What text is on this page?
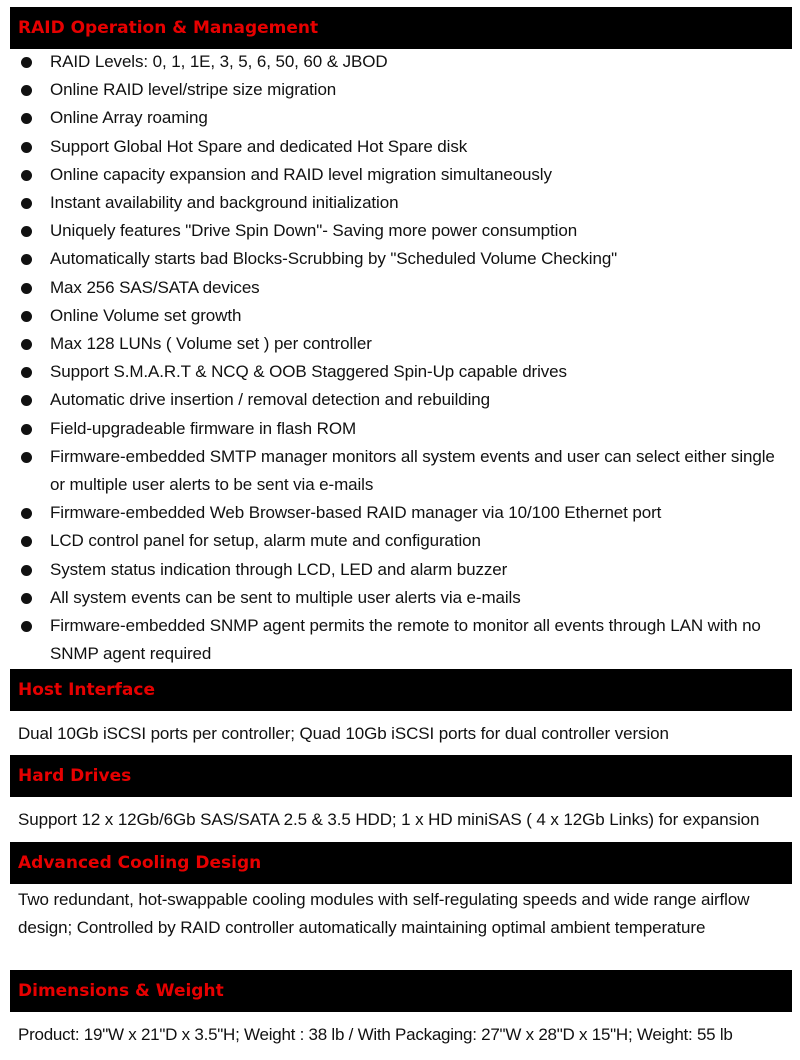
RAID Operation & Management
RAID Levels: 0, 1, 1E, 3, 5, 6, 50, 60 & JBOD
Online RAID level/stripe size migration
Online Array roaming
Support Global Hot Spare and dedicated Hot Spare disk
Online capacity expansion and RAID level migration simultaneously
Instant availability and background initialization
Uniquely features "Drive Spin Down"- Saving more power consumption
Automatically starts bad Blocks-Scrubbing by "Scheduled Volume Checking"
Max 256 SAS/SATA devices
Online Volume set growth
Max 128 LUNs ( Volume set ) per controller
Support S.M.A.R.T & NCQ & OOB Staggered Spin-Up capable drives
Automatic drive insertion / removal detection and rebuilding
Field-upgradeable firmware in flash ROM
Firmware-embedded SMTP manager monitors all system events and user can select either single or multiple user alerts to be sent via e-mails
Firmware-embedded Web Browser-based RAID manager via 10/100 Ethernet port
LCD control panel for setup, alarm mute and configuration
System status indication through LCD, LED and alarm buzzer
All system events can be sent to multiple user alerts via e-mails
Firmware-embedded SNMP agent permits the remote to monitor all events through LAN with no SNMP agent required
Host Interface
Dual 10Gb iSCSI ports per controller; Quad 10Gb iSCSI ports for dual controller version
Hard Drives
Support 12 x 12Gb/6Gb SAS/SATA 2.5 & 3.5 HDD; 1 x HD miniSAS ( 4 x 12Gb Links) for expansion
Advanced Cooling Design
Two redundant, hot-swappable cooling modules with self-regulating speeds and wide range airflow design; Controlled by RAID controller automatically maintaining optimal ambient temperature
Dimensions & Weight
Product: 19"W x 21"D x 3.5"H; Weight : 38 lb / With Packaging: 27"W x 28"D x 15"H; Weight: 55 lb
